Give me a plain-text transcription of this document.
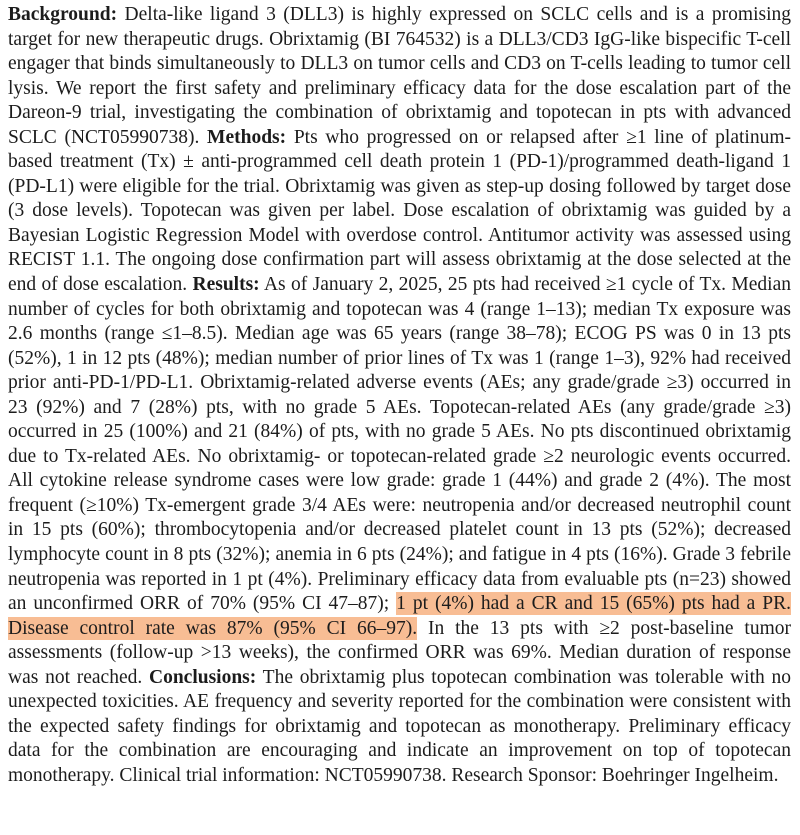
Background: Delta-like ligand 3 (DLL3) is highly expressed on SCLC cells and is a promising target for new therapeutic drugs. Obrixtamig (BI 764532) is a DLL3/CD3 IgG-like bispecific T-cell engager that binds simultaneously to DLL3 on tumor cells and CD3 on T-cells leading to tumor cell lysis. We report the first safety and preliminary efficacy data for the dose escalation part of the Dareon-9 trial, investigating the combination of obrixtamig and topotecan in pts with advanced SCLC (NCT05990738). Methods: Pts who progressed on or relapsed after ≥1 line of platinum-based treatment (Tx) ± anti-programmed cell death protein 1 (PD-1)/programmed death-ligand 1 (PD-L1) were eligible for the trial. Obrixtamig was given as step-up dosing followed by target dose (3 dose levels). Topotecan was given per label. Dose escalation of obrixtamig was guided by a Bayesian Logistic Regression Model with overdose control. Antitumor activity was assessed using RECIST 1.1. The ongoing dose confirmation part will assess obrixtamig at the dose selected at the end of dose escalation. Results: As of January 2, 2025, 25 pts had received ≥1 cycle of Tx. Median number of cycles for both obrixtamig and topotecan was 4 (range 1–13); median Tx exposure was 2.6 months (range ≤1–8.5). Median age was 65 years (range 38–78); ECOG PS was 0 in 13 pts (52%), 1 in 12 pts (48%); median number of prior lines of Tx was 1 (range 1–3), 92% had received prior anti-PD-1/PD-L1. Obrixtamig-related adverse events (AEs; any grade/grade ≥3) occurred in 23 (92%) and 7 (28%) pts, with no grade 5 AEs. Topotecan-related AEs (any grade/grade ≥3) occurred in 25 (100%) and 21 (84%) of pts, with no grade 5 AEs. No pts discontinued obrixtamig due to Tx-related AEs. No obrixtamig- or topotecan-related grade ≥2 neurologic events occurred. All cytokine release syndrome cases were low grade: grade 1 (44%) and grade 2 (4%). The most frequent (≥10%) Tx-emergent grade 3/4 AEs were: neutropenia and/or decreased neutrophil count in 15 pts (60%); thrombocytopenia and/or decreased platelet count in 13 pts (52%); decreased lymphocyte count in 8 pts (32%); anemia in 6 pts (24%); and fatigue in 4 pts (16%). Grade 3 febrile neutropenia was reported in 1 pt (4%). Preliminary efficacy data from evaluable pts (n=23) showed an unconfirmed ORR of 70% (95% CI 47–87); 1 pt (4%) had a CR and 15 (65%) pts had a PR. Disease control rate was 87% (95% CI 66–97). In the 13 pts with ≥2 post-baseline tumor assessments (follow-up >13 weeks), the confirmed ORR was 69%. Median duration of response was not reached. Conclusions: The obrixtamig plus topotecan combination was tolerable with no unexpected toxicities. AE frequency and severity reported for the combination were consistent with the expected safety findings for obrixtamig and topotecan as monotherapy. Preliminary efficacy data for the combination are encouraging and indicate an improvement on top of topotecan monotherapy. Clinical trial information: NCT05990738. Research Sponsor: Boehringer Ingelheim.
